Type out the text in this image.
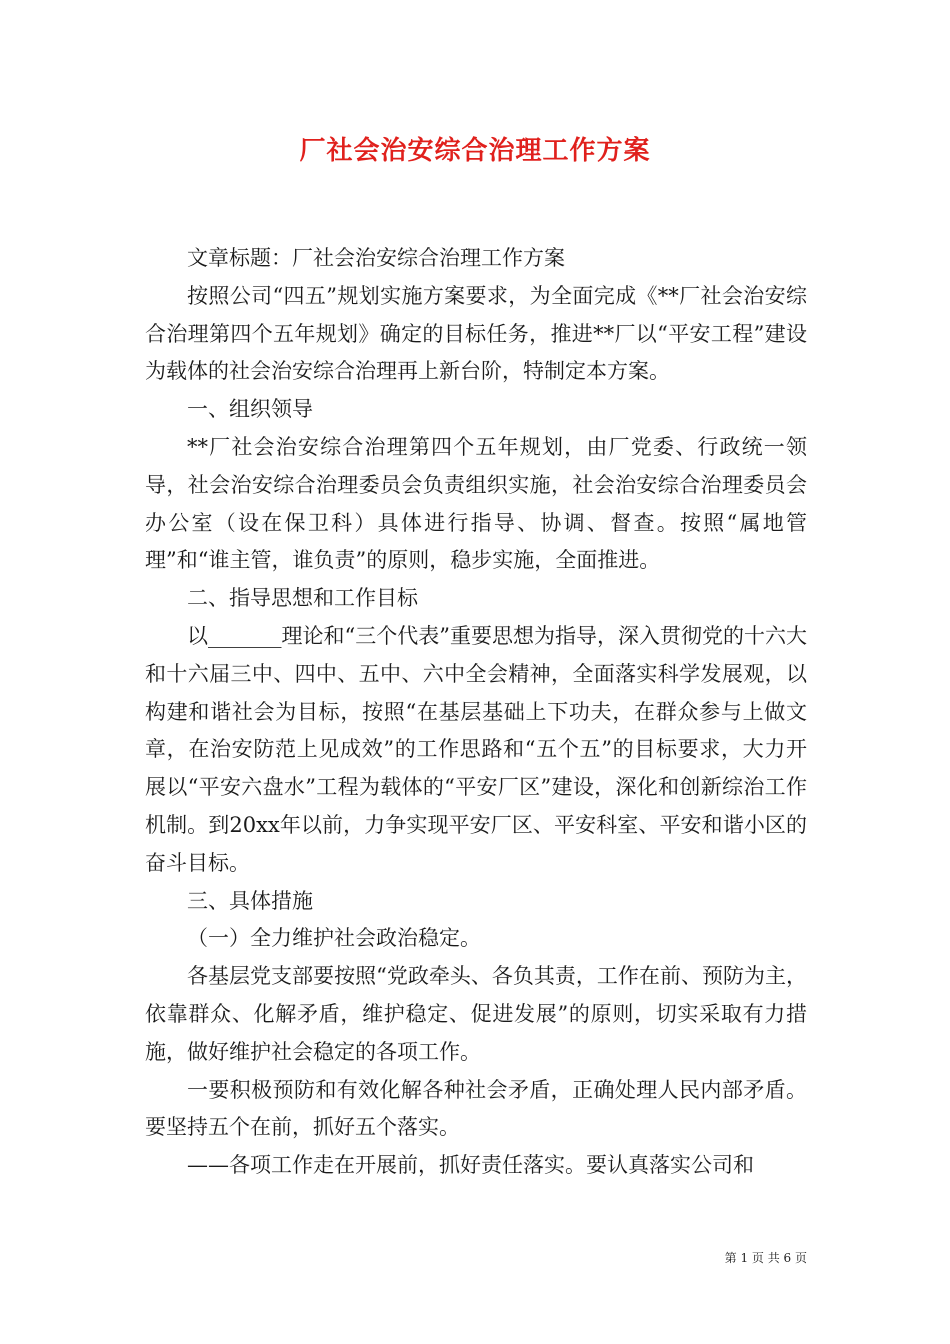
厂社会治安综合治理工作方案

文章标题：厂社会治安综合治理工作方案

按照公司“四五”规划实施方案要求，为全面完成《**厂社会治安综合治理第四个五年规划》确定的目标任务，推进**厂以“平安工程”建设为载体的社会治安综合治理再上新台阶，特制定本方案。

一、组织领导

**厂社会治安综合治理第四个五年规划，由厂党委、行政统一领导，社会治安综合治理委员会负责组织实施，社会治安综合治理委员会办公室（设在保卫科）具体进行指导、协调、督查。按照“属地管理”和“谁主管，谁负责”的原则，稳步实施，全面推进。

二、指导思想和工作目标

以_______理论和“三个代表”重要思想为指导，深入贯彻党的十六大和十六届三中、四中、五中、六中全会精神，全面落实科学发展观，以构建和谐社会为目标，按照“在基层基础上下功夫，在群众参与上做文章，在治安防范上见成效”的工作思路和“五个五”的目标要求，大力开展以“平安六盘水”工程为载体的“平安厂区”建设，深化和创新综治工作机制。到20xx年以前，力争实现平安厂区、平安科室、平安和谐小区的奋斗目标。

三、具体措施

（一）全力维护社会政治稳定。

各基层党支部要按照“党政牵头、各负其责，工作在前、预防为主，依靠群众、化解矛盾，维护稳定、促进发展”的原则，切实采取有力措施，做好维护社会稳定的各项工作。

一要积极预防和有效化解各种社会矛盾，正确处理人民内部矛盾。要坚持五个在前，抓好五个落实。

——各项工作走在开展前，抓好责任落实。要认真落实公司和

第 1 页 共 6 页
